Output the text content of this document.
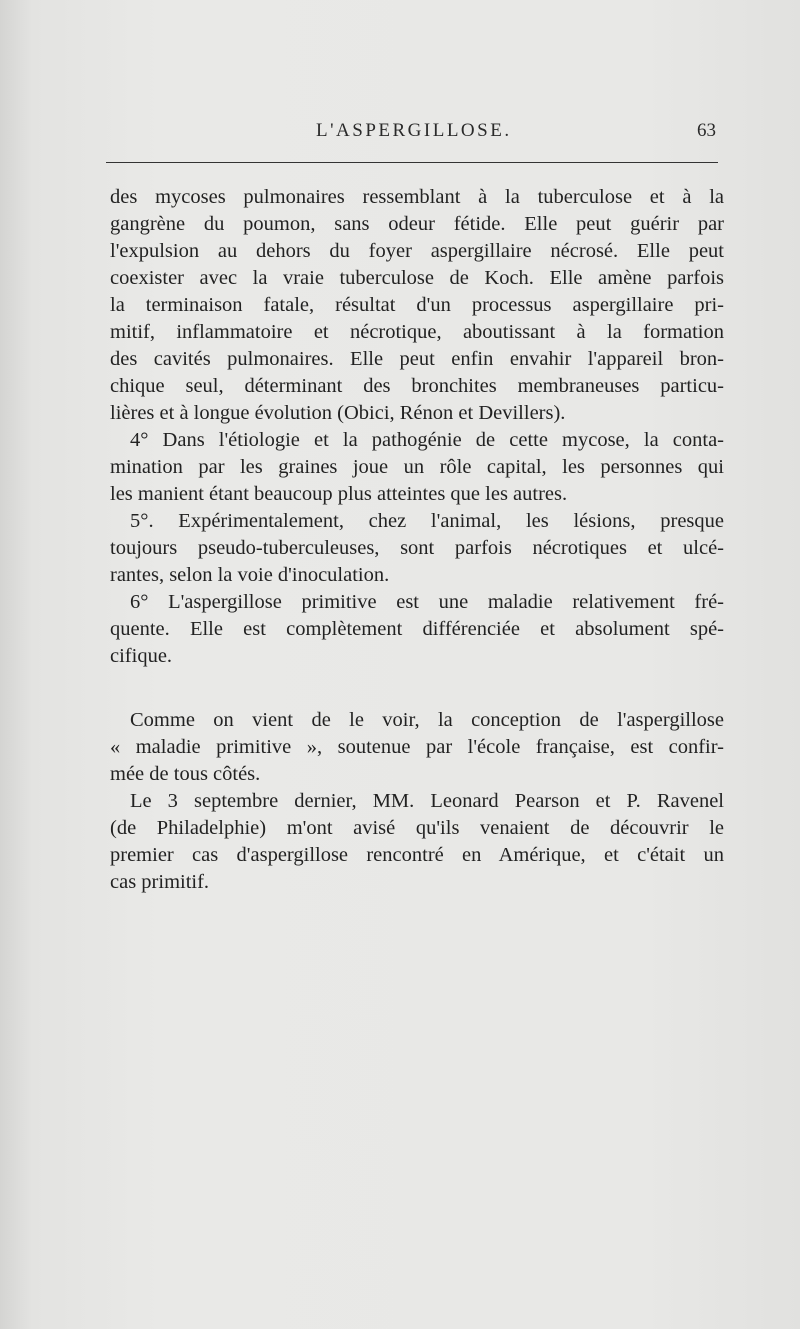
L'ASPERGILLOSE.	63
des mycoses pulmonaires ressemblant à la tuberculose et à la
gangrène du poumon, sans odeur fétide. Elle peut guérir par
l'expulsion au dehors du foyer aspergillaire nécrosé. Elle peut
coexister avec la vraie tuberculose de Koch. Elle amène parfois
la terminaison fatale, résultat d'un processus aspergillaire pri-
mitif, inflammatoire et nécrotique, aboutissant à la formation
des cavités pulmonaires. Elle peut enfin envahir l'appareil bron-
chique seul, déterminant des bronchites membraneuses particu-
lières et à longue évolution (Obici, Rénon et Devillers).
4° Dans l'étiologie et la pathogénie de cette mycose, la conta-
mination par les graines joue un rôle capital, les personnes qui
les manient étant beaucoup plus atteintes que les autres.
5°. Expérimentalement, chez l'animal, les lésions, presque
toujours pseudo-tuberculeuses, sont parfois nécrotiques et ulcé-
rantes, selon la voie d'inoculation.
6° L'aspergillose primitive est une maladie relativement fré-
quente. Elle est complètement différenciée et absolument spé-
cifique.
Comme on vient de le voir, la conception de l'aspergillose
« maladie primitive », soutenue par l'école française, est confir-
mée de tous côtés.
Le 3 septembre dernier, MM. Leonard Pearson et P. Ravenel
(de Philadelphie) m'ont avisé qu'ils venaient de découvrir le
premier cas d'aspergillose rencontré en Amérique, et c'était un
cas primitif.
